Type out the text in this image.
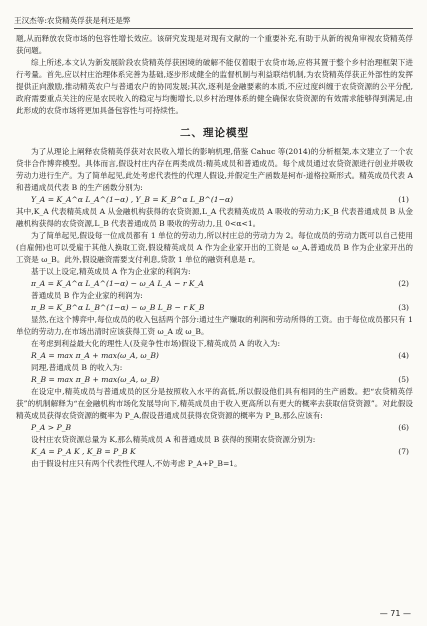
王汉杰等:农贷精英俘获是利还是弊

题,从而释放农贷市场的包容性增长效应。该研究发现是对现有文献的一个重要补充,有助于从新的视角审视农贷精英俘获问题。

综上所述,本文认为新发展阶段农贷精英俘获困境的破解不能仅着眼于农贷市场,应将其置于整个乡村治理框架下进行考量。首先,应以村庄治理体系完善为基础,逐步形成健全的监督机制与利益联结机制,为农贷精英俘获正外部性的发挥提供正向激励,推动精英农户与普通农户的协同发展;其次,逐利是金融要素的本质,不应过度纠缠于农贷资源的公平分配,政府需要重点关注的应是农民收入的稳定与均衡增长,以乡村治理体系的健全确保农贷资源的有效需求能够得到满足,由此形成的农贷市场将更加具备包容性与可持续性。

二、理论模型

为了从理论上阐释农贷精英俘获对农民收入增长的影响机理,借鉴 Cahuc 等(2014)的分析框架,本文建立了一个农贷非合作博弈模型。具体而言,假设村庄内存在两类成员:精英成员和普通成员。每个成员通过农贷资源进行创业并吸收劳动力进行生产。为了简单起见,此处考虑代表性的代理人假设,并假定生产函数是柯布-道格拉斯形式。精英成员代表 A 和普通成员代表 B 的生产函数分别为:

Y_A = K_A^α L_A^(1−α) , Y_B = K_B^α L_B^(1−α)	(1)

其中,K_A 代表精英成员 A 从金融机构获得的农贷资源,L_A 代表精英成员 A 吸收的劳动力;K_B 代表普通成员 B 从金融机构获得的农贷资源,L_B 代表普通成员 B 吸收的劳动力,且 0<α<1。

为了简单起见,假设每一位成员都有 1 单位的劳动力,所以村庄总的劳动力为 2。每位成员的劳动力既可以自己使用(自雇佣)也可以受雇于其他人换取工资,假设精英成员 A 作为企业家开出的工资是 ω_A,普通成员 B 作为企业家开出的工资是 ω_B。此外,假设融资需要支付利息,贷款 1 单位的融资利息是 r。

基于以上设定,精英成员 A 作为企业家的利润为:

π_A = K_A^α L_A^(1−α) − ω_A L_A − r K_A	(2)

普通成员 B 作为企业家的利润为:

π_B = K_B^α L_B^(1−α) − ω_B L_B − r K_B	(3)

显然,在这个博弈中,每位成员的收入包括两个部分:通过生产赚取的利润和劳动所得的工资。由于每位成员都只有 1 单位的劳动力,在市场出清时应该获得工资 ω_A 或 ω_B。

在考虑到利益最大化的理性人(及竞争性市场)假设下,精英成员 A 的收入为:

R_A = max π_A + max(ω_A, ω_B)	(4)

同理,普通成员 B 的收入为:

R_B = max π_B + max(ω_A, ω_B)	(5)

在设定中,精英成员与普通成员的区分是按照收入水平的高低,所以假设他们具有相同的生产函数。把“农贷精英俘获”的机制解释为“在金融机构市场化发展导向下,精英成员由于收入更高所以有更大的概率去获取信贷资源”。对此假设精英成员获得农贷资源的概率为 P_A,假设普通成员获得农贷资源的概率为 P_B,那么应该有:

P_A > P_B	(6)

设村庄农贷资源总量为 K,那么精英成员 A 和普通成员 B 获得的预期农贷资源分别为:

K_A = P_A K , K_B = P_B K	(7)

由于假设村庄只有两个代表性代理人,不妨考虑 P_A+P_B=1。

— 71 —
